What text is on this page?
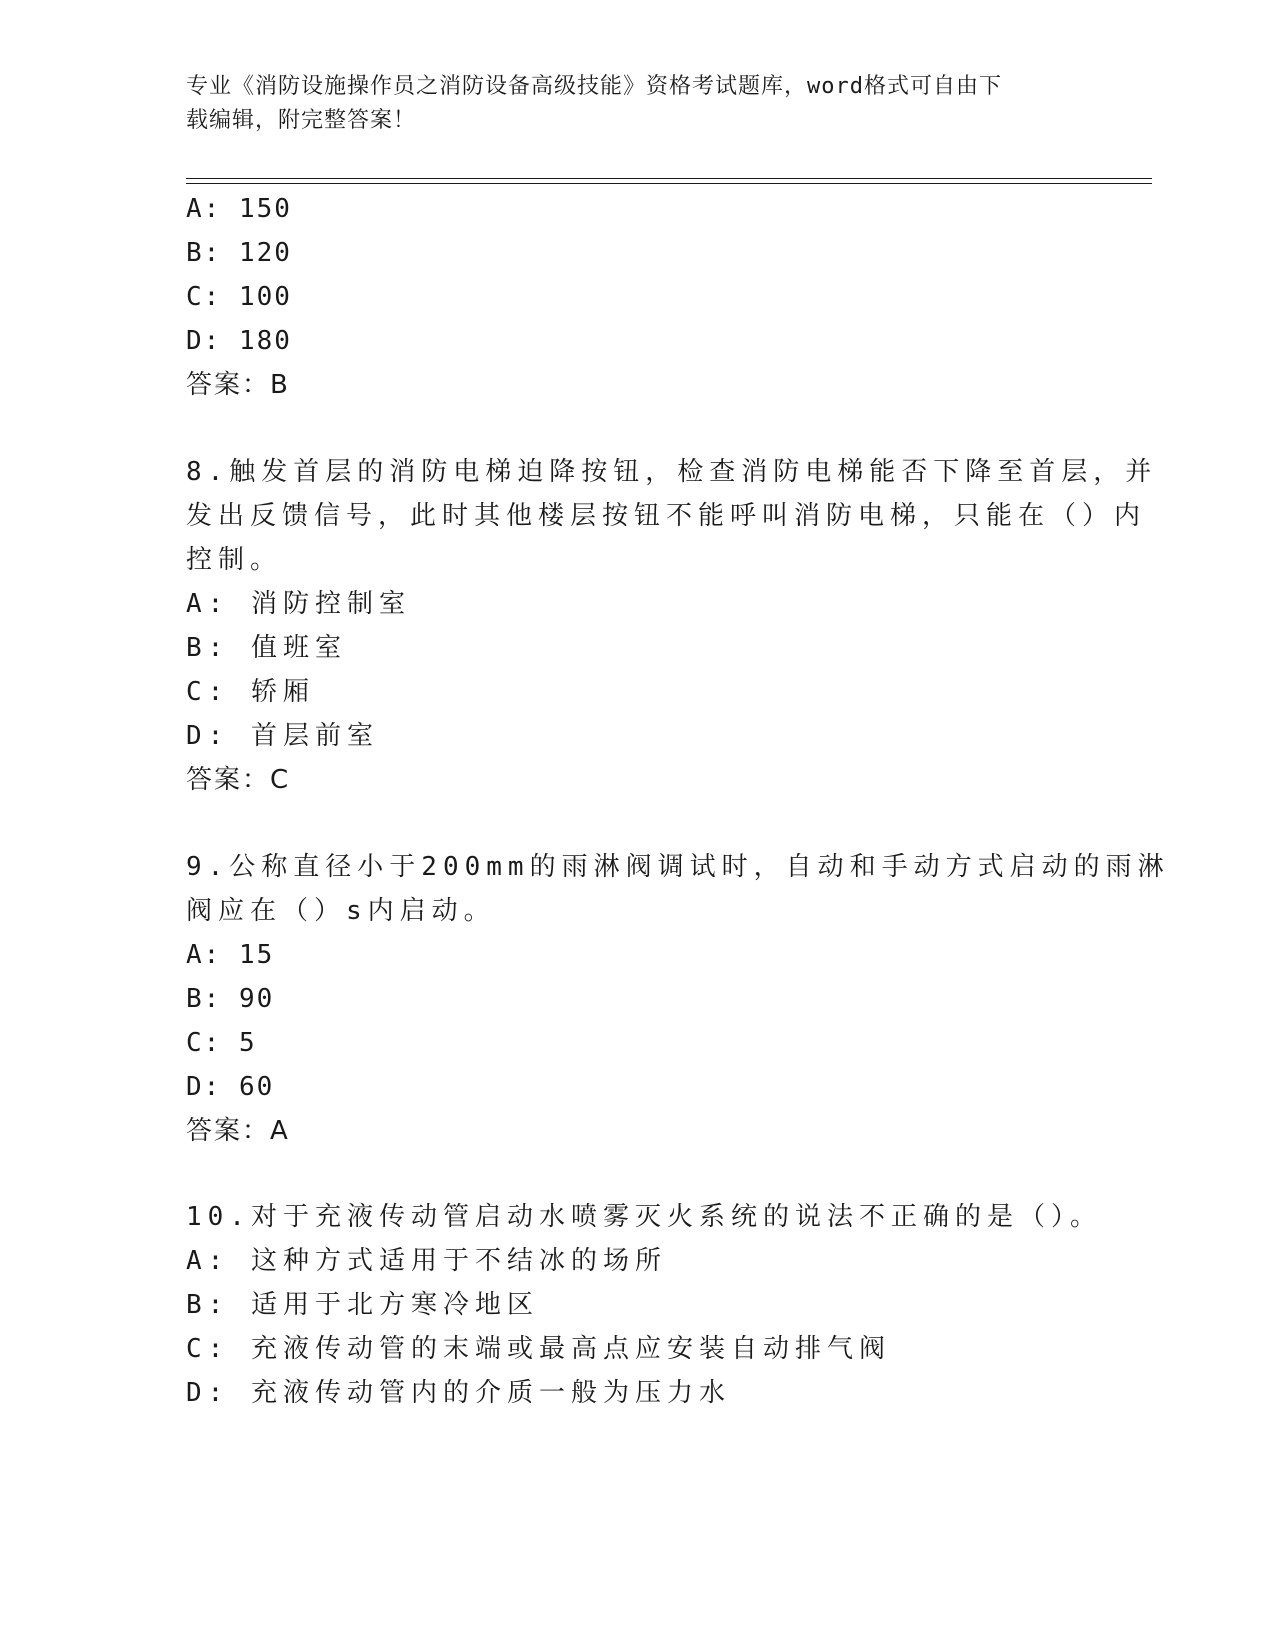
专业《消防设施操作员之消防设备高级技能》资格考试题库，word格式可自由下
载编辑，附完整答案！
A: 150
B: 120
C: 100
D: 180
答案：B
8.触发首层的消防电梯迫降按钮，检查消防电梯能否下降至首层，并
发出反馈信号，此时其他楼层按钮不能呼叫消防电梯，只能在（）内
控制。
A: 消防控制室
B: 值班室
C: 轿厢
D: 首层前室
答案：C
9.公称直径小于200mm的雨淋阀调试时，自动和手动方式启动的雨淋
阀应在（）s内启动。
A: 15
B: 90
C: 5
D: 60
答案：A
10.对于充液传动管启动水喷雾灭火系统的说法不正确的是（）。
A: 这种方式适用于不结冰的场所
B: 适用于北方寒冷地区
C: 充液传动管的末端或最高点应安装自动排气阀
D: 充液传动管内的介质一般为压力水
